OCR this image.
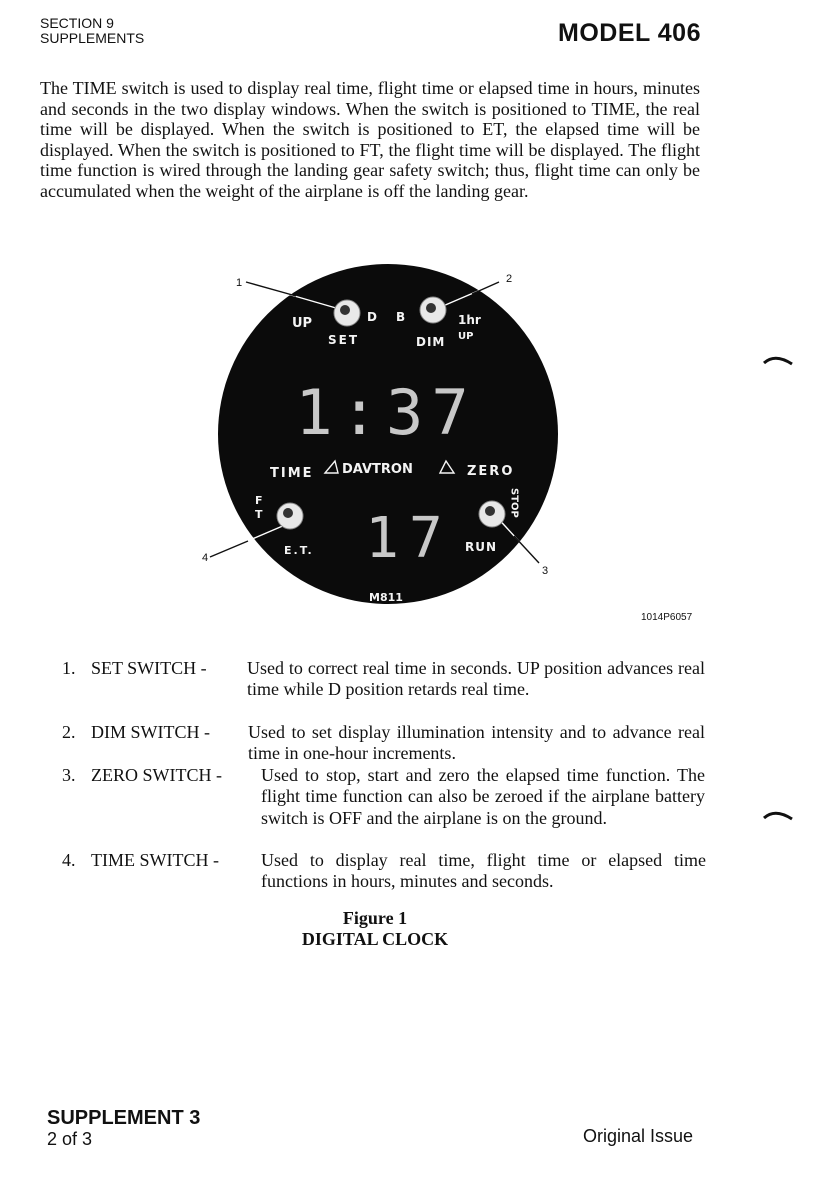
SECTION 9
SUPPLEMENTS	MODEL 406

The TIME switch is used to display real time, flight time or elapsed time in hours, minutes and seconds in the two display windows. When the switch is positioned to TIME, the real time will be displayed. When the switch is positioned to ET, the elapsed time will be displayed. When the switch is positioned to FT, the flight time will be displayed. The flight time function is wired through the landing gear safety switch; thus, flight time can only be accumulated when the weight of the airplane is off the landing gear.

1	2
3
4
UP	D B	1hr
UP
SET	DIM
TIME DAVTRON	ZERO
F
T
E.T.	RUN
M811
STOP
1:37
17
1014P6057
1. SET SWITCH - Used to correct real time in seconds. UP position advances real time while D position retards real time.
2. DIM SWITCH - Used to set display illumination intensity and to advance real time in one-hour increments.
3. ZERO SWITCH - Used to stop, start and zero the elapsed time function. The flight time function can also be zeroed if the airplane battery switch is OFF and the airplane is on the ground.
4. TIME SWITCH - Used to display real time, flight time or elapsed time functions in hours, minutes and seconds.
Figure 1
DIGITAL CLOCK
SUPPLEMENT 3
2 of 3	Original Issue
